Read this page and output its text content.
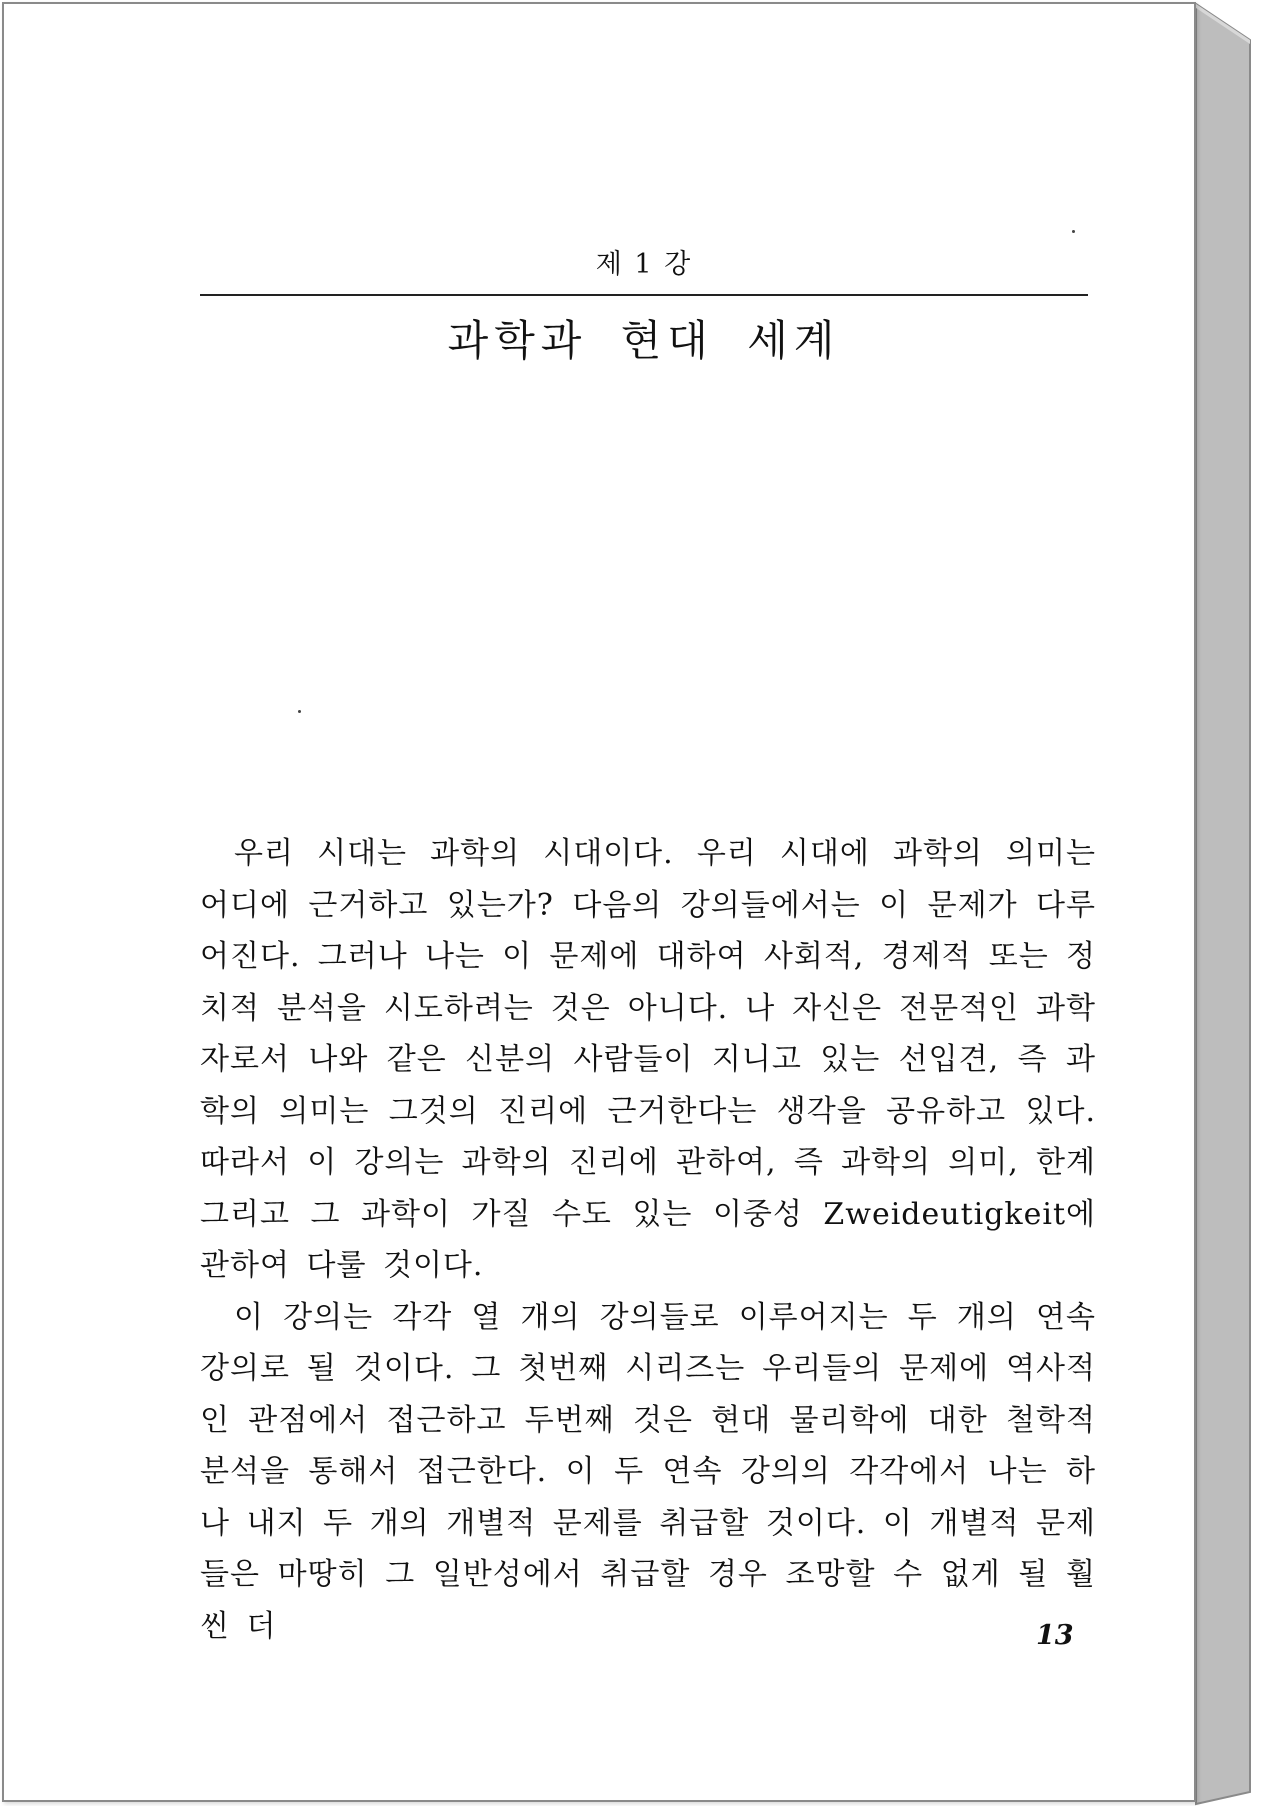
제 1 강
과학과 현대 세계

우리 시대는 과학의 시대이다. 우리 시대에 과학의 의미는 어디에 근거하고 있는가? 다음의 강의들에서는 이 문제가 다루어진다. 그러나 나는 이 문제에 대하여 사회적, 경제적 또는 정치적 분석을 시도하려는 것은 아니다. 나 자신은 전문적인 과학자로서 나와 같은 신분의 사람들이 지니고 있는 선입견, 즉 과학의 의미는 그것의 진리에 근거한다는 생각을 공유하고 있다. 따라서 이 강의는 과학의 진리에 관하여, 즉 과학의 의미, 한계 그리고 그 과학이 가질 수도 있는 이중성 Zweideutigkeit에 관하여 다룰 것이다.

이 강의는 각각 열 개의 강의들로 이루어지는 두 개의 연속 강의로 될 것이다. 그 첫번째 시리즈는 우리들의 문제에 역사적인 관점에서 접근하고 두번째 것은 현대 물리학에 대한 철학적 분석을 통해서 접근한다. 이 두 연속 강의의 각각에서 나는 하나 내지 두 개의 개별적 문제를 취급할 것이다. 이 개별적 문제들은 마땅히 그 일반성에서 취급할 경우 조망할 수 없게 될 훨씬 더	13
